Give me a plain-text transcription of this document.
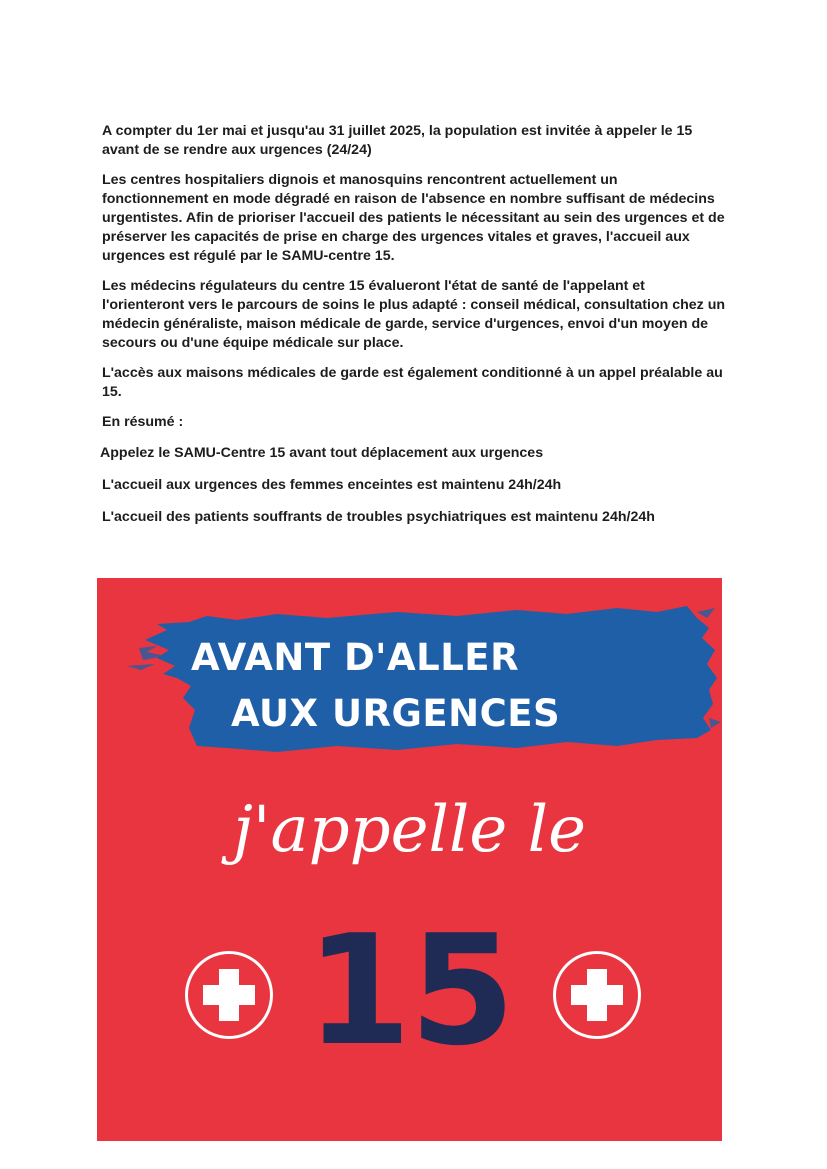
A compter du 1er mai et jusqu'au 31 juillet 2025, la population est invitée à appeler le 15 avant de se rendre aux urgences (24/24)

Les centres hospitaliers dignois et manosquins rencontrent actuellement un fonctionnement en mode dégradé en raison de l'absence en nombre suffisant de médecins urgentistes. Afin de prioriser l'accueil des patients le nécessitant au sein des urgences et de préserver les capacités de prise en charge des urgences vitales et graves, l'accueil aux urgences est régulé par le SAMU-centre 15.

Les médecins régulateurs du centre 15 évalueront l'état de santé de l'appelant et l'orienteront vers le parcours de soins le plus adapté : conseil médical, consultation chez un médecin généraliste, maison médicale de garde, service d'urgences, envoi d'un moyen de secours ou d'une équipe médicale sur place.

L'accès aux maisons médicales de garde est également conditionné à un appel préalable au 15.

En résumé :

Appelez le SAMU-Centre 15 avant tout déplacement aux urgences

L'accueil aux urgences des femmes enceintes est maintenu 24h/24h

L'accueil des patients souffrants de troubles psychiatriques est maintenu 24h/24h

AVANT D'ALLER
AUX URGENCES
j'appelle le
15
